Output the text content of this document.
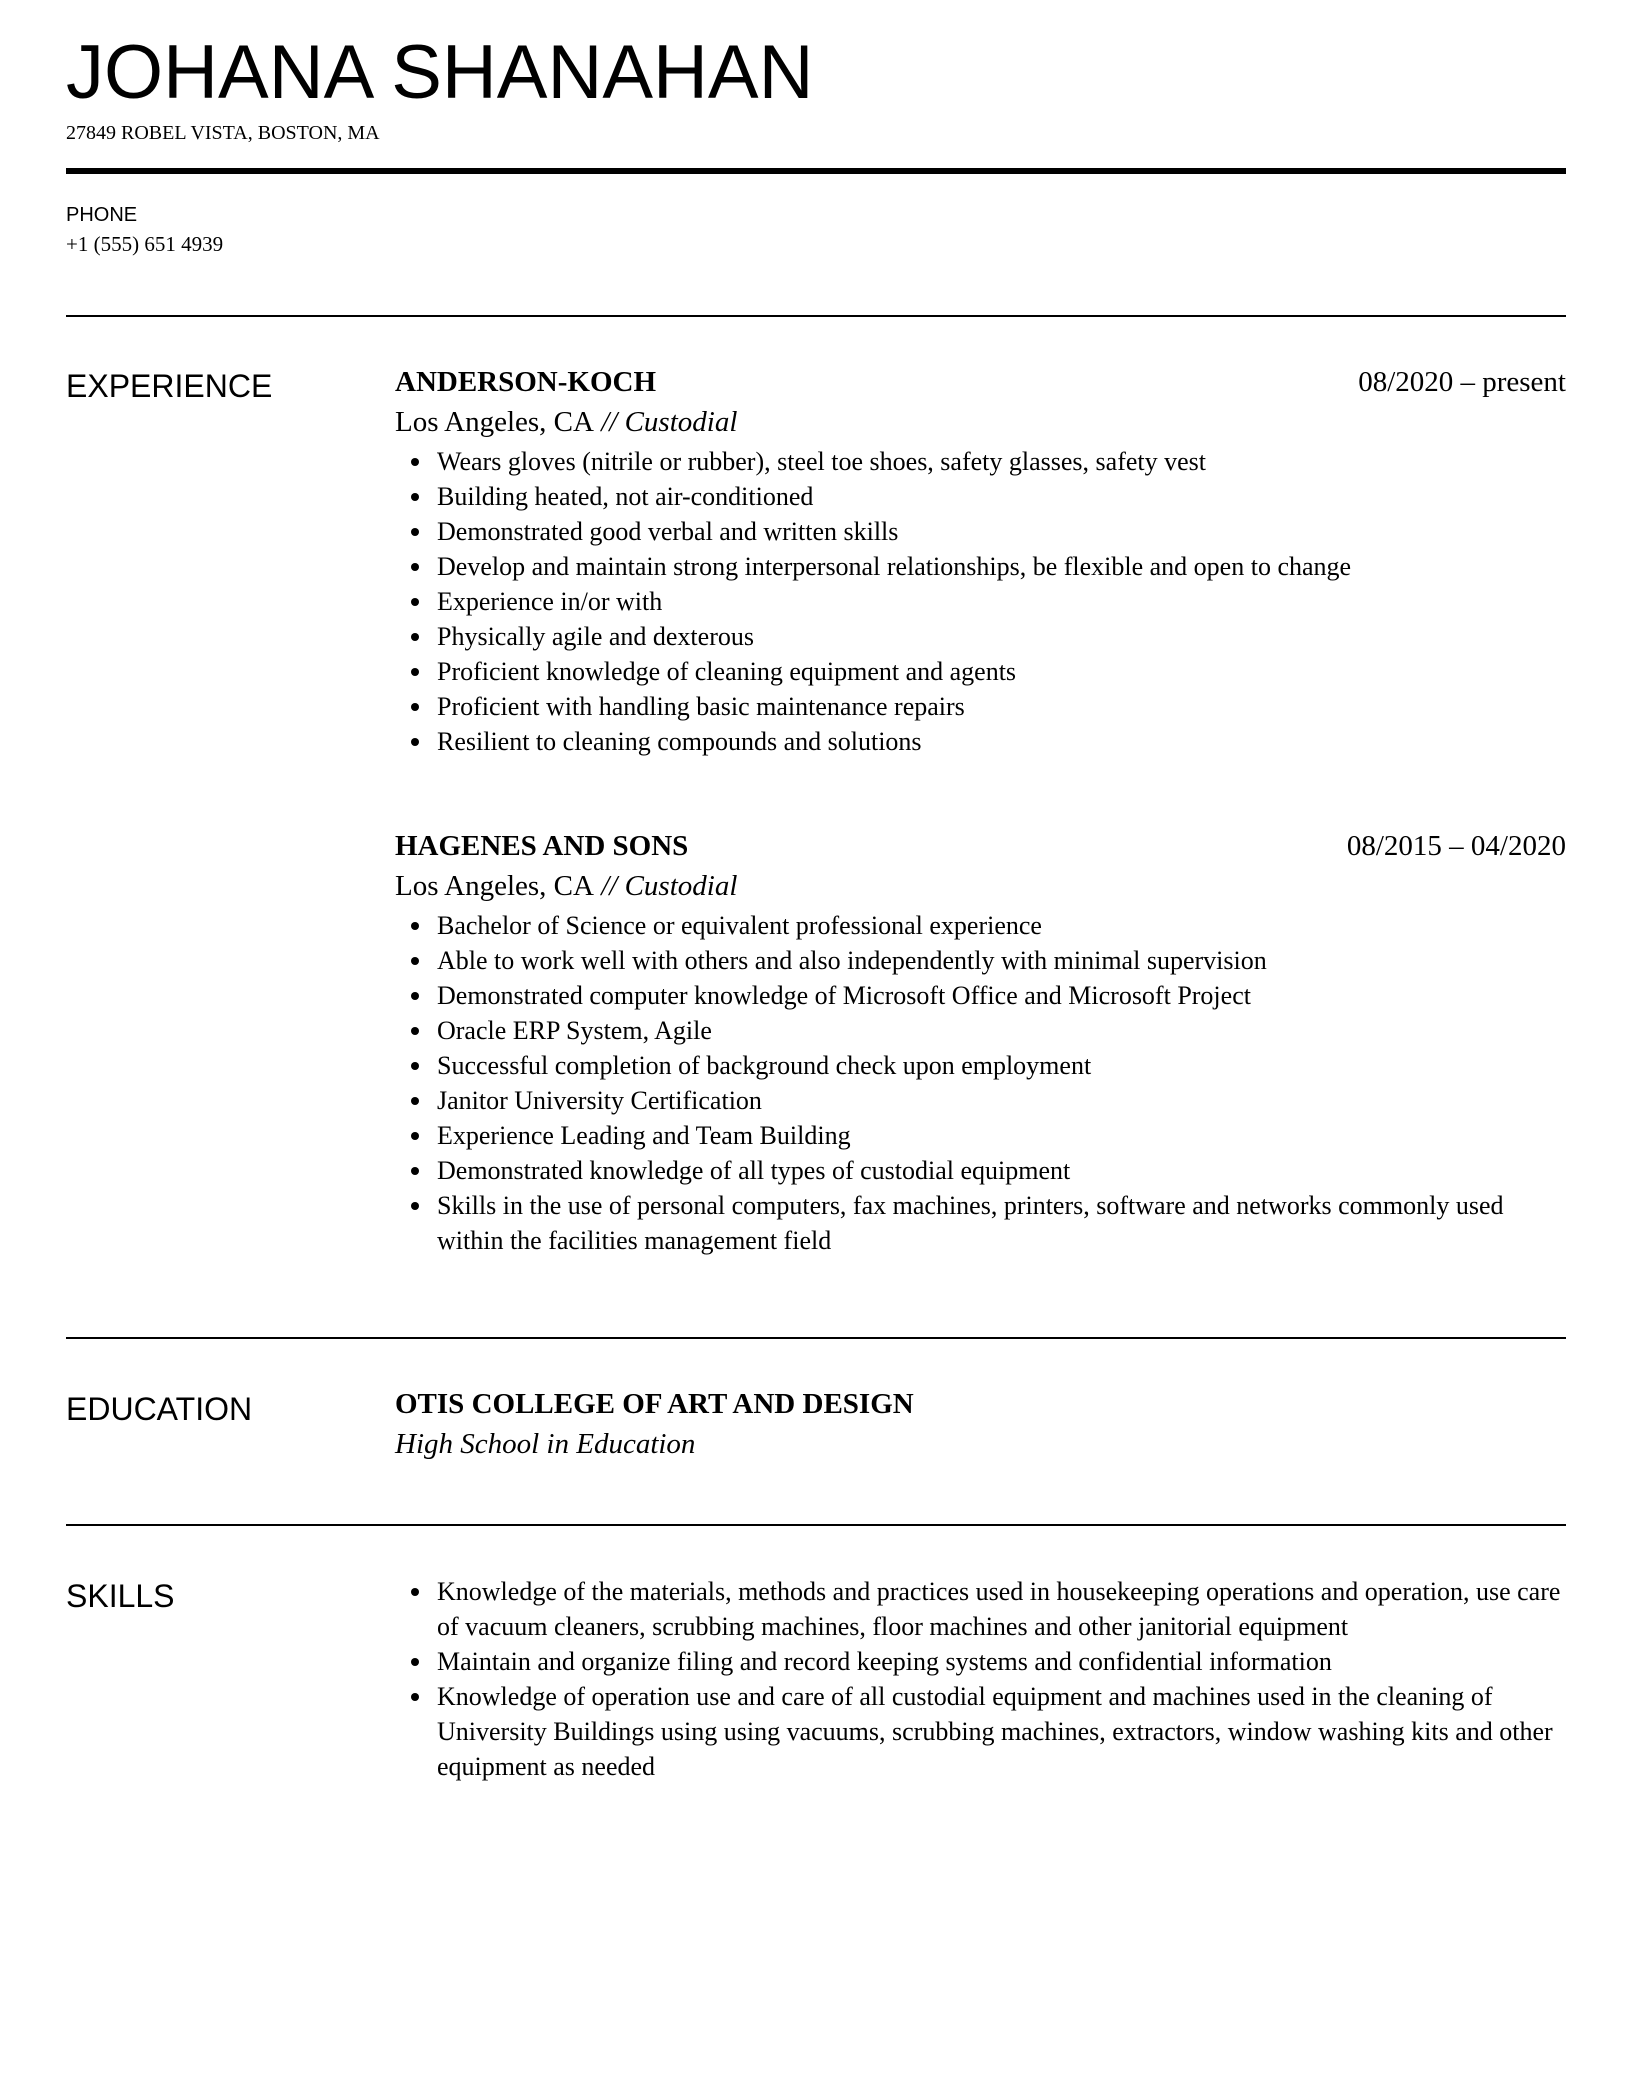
JOHANA SHANAHAN
27849 ROBEL VISTA, BOSTON, MA
PHONE
+1 (555) 651 4939
EXPERIENCE	ANDERSON-KOCH	08/2020 – present
Los Angeles, CA // Custodial
Wears gloves (nitrile or rubber), steel toe shoes, safety glasses, safety vest
Building heated, not air-conditioned
Demonstrated good verbal and written skills
Develop and maintain strong interpersonal relationships, be flexible and open to change
Experience in/or with
Physically agile and dexterous
Proficient knowledge of cleaning equipment and agents
Proficient with handling basic maintenance repairs
Resilient to cleaning compounds and solutions
HAGENES AND SONS	08/2015 – 04/2020
Los Angeles, CA // Custodial
Bachelor of Science or equivalent professional experience
Able to work well with others and also independently with minimal supervision
Demonstrated computer knowledge of Microsoft Office and Microsoft Project
Oracle ERP System, Agile
Successful completion of background check upon employment
Janitor University Certification
Experience Leading and Team Building
Demonstrated knowledge of all types of custodial equipment
Skills in the use of personal computers, fax machines, printers, software and networks commonly used within the facilities management field
EDUCATION	OTIS COLLEGE OF ART AND DESIGN
High School in Education
SKILLS	Knowledge of the materials, methods and practices used in housekeeping operations and operation, use care of vacuum cleaners, scrubbing machines, floor machines and other janitorial equipment
Maintain and organize filing and record keeping systems and confidential information
Knowledge of operation use and care of all custodial equipment and machines used in the cleaning of University Buildings using using vacuums, scrubbing machines, extractors, window washing kits and other equipment as needed
